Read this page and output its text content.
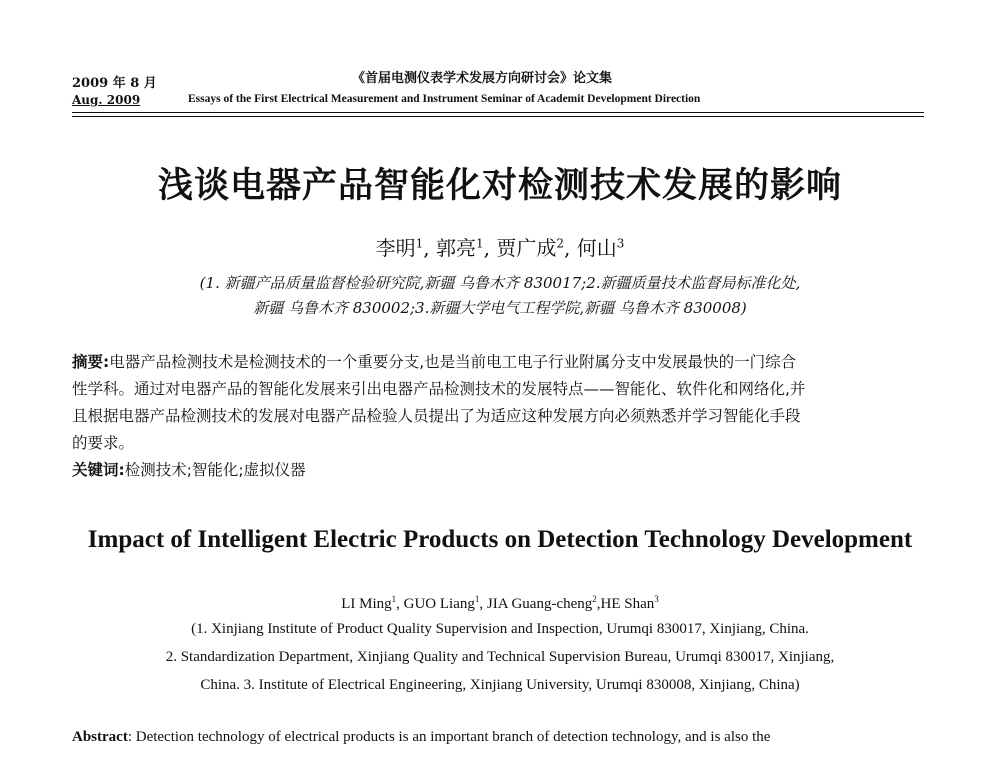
2009 年 8 月
Aug. 2009
《首届电测仪表学术发展方向研讨会》论文集
Essays of the First Electrical Measurement and Instrument Seminar of Academit Development Direction
浅谈电器产品智能化对检测技术发展的影响
李明$^1$, 郭亮$^1$, 贾广成$^2$, 何山$^3$
(1. 新疆产品质量监督检验研究院,新疆 乌鲁木齐 830017;2.新疆质量技术监督局标准化处,
新疆 乌鲁木齐 830002;3.新疆大学电气工程学院,新疆 乌鲁木齐 830008)
摘要:电器产品检测技术是检测技术的一个重要分支,也是当前电工电子行业附属分支中发展最快的一门综合
性学科。通过对电器产品的智能化发展来引出电器产品检测技术的发展特点——智能化、软件化和网络化,并
且根据电器产品检测技术的发展对电器产品检验人员提出了为适应这种发展方向必须熟悉并学习智能化手段
的要求。
关键词:检测技术;智能化;虚拟仪器
Impact of Intelligent Electric Products on Detection Technology Development
LI Ming$^1$, GUO Liang$^1$, JIA Guang-cheng$^2$,HE Shan$^3$
(1. Xinjiang Institute of Product Quality Supervision and Inspection, Urumqi 830017, Xinjiang, China.
2. Standardization Department, Xinjiang Quality and Technical Supervision Bureau, Urumqi 830017, Xinjiang,
China. 3. Institute of Electrical Engineering, Xinjiang University, Urumqi 830008, Xinjiang, China)
Abstract: Detection technology of electrical products is an important branch of detection technology, and is also the
